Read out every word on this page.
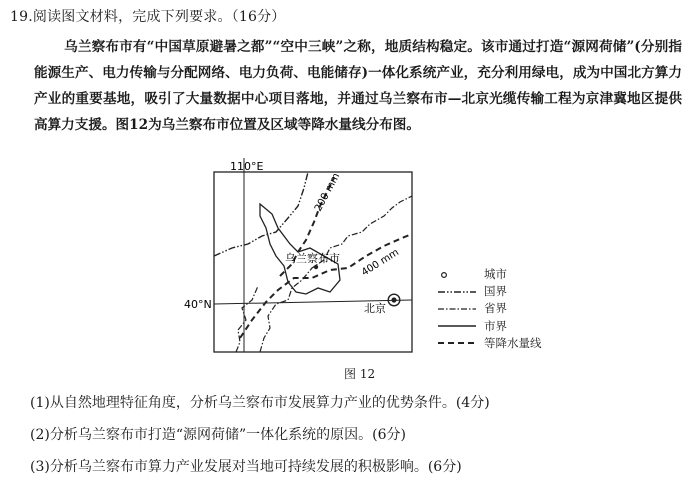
19.阅读图文材料，完成下列要求。（16分）
乌兰察布市有“中国草原避暑之都”“空中三峡”之称，地质结构稳定。该市通过打造“源网荷储”(分别指能源生产、电力传输与分配网络、电力负荷、电能储存)一体化系统产业，充分利用绿电，成为中国北方算力产业的重要基地，吸引了大量数据中心项目落地，并通过乌兰察布市—北京光缆传输工程为京津冀地区提供高算力支援。图12为乌兰察布市位置及区域等降水量线分布图。
110°E
40°N
200 mm
400 mm
乌兰察布市
北京
城市
国界
省界
市界
等降水量线
图 12
(1)从自然地理特征角度，分析乌兰察布市发展算力产业的优势条件。(4分)
(2)分析乌兰察布市打造“源网荷储”一体化系统的原因。(6分)
(3)分析乌兰察布市算力产业发展对当地可持续发展的积极影响。(6分)
